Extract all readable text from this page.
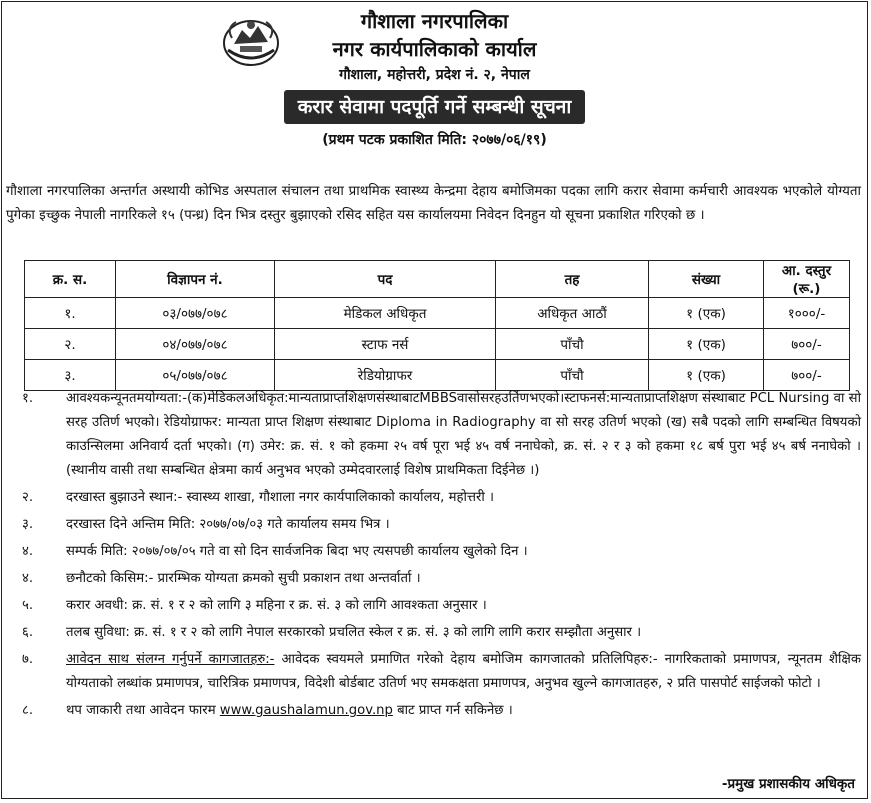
गौशाला नगरपालिका
नगर कार्यपालिकाको कार्याल
गौशाला, महोत्तरी, प्रदेश नं. २, नेपाल
करार सेवामा पदपूर्ति गर्ने सम्बन्धी सूचना
(प्रथम पटक प्रकाशित मिति: २०७७/०६/१९)
गौशाला नगरपालिका अन्तर्गत अस्थायी कोभिड अस्पताल संचालन तथा प्राथमिक स्वास्थ्य केन्द्रमा देहाय बमोजिमका पदका लागि करार सेवामा कर्मचारी आवश्यक भएकोले योग्यता पुगेका इच्छुक नेपाली नागरिकले १५ (पन्ध्र) दिन भित्र दस्तुर बुझाएको रसिद सहित यस कार्यालयमा निवेदन दिनहुन यो सूचना प्रकाशित गरिएको छ ।
क्र. स.	विज्ञापन नं.	पद	तह	संख्या	आ. दस्तुर (रू.)
१.	०३/०७७/०७८	मेडिकल अधिकृत	अधिकृत आठौं	१ (एक)	१०००/-
२.	०४/०७७/०७८	स्टाफ नर्स	पाँचौ	१ (एक)	७००/-
३.	०५/०७७/०७८	रेडियोग्राफर	पाँचौ	१ (एक)	७००/-
१.	आवश्यकन्यूनतमयोग्यता:-(क)मेडिकलअधिकृत:मान्यताप्राप्तशिक्षणसंस्थाबाटMBBSवासोसरहउर्तिणभएको।स्टाफनर्स:मान्यताप्राप्तशिक्षण संस्थाबाट PCL Nursing वा सो सरह उतिर्ण भएको। रेडियोग्राफर: मान्यता प्राप्त शिक्षण संस्थाबाट Diploma in Radiography वा सो सरह उतिर्ण भएको (ख) सबै पदको लागि सम्बन्धित विषयको काउन्सिलमा अनिवार्य दर्ता भएको। (ग) उमेर: क्र. सं. १ को हकमा २५ वर्ष पूरा भई ४५ वर्ष ननाघेको, क्र. सं. २ र ३ को हकमा १८ बर्ष पुरा भई ४५ बर्ष ननाघेको । (स्थानीय वासी तथा सम्बन्धित क्षेत्रमा कार्य अनुभव भएको उम्मेदवारलाई विशेष प्राथमिकता दिईनेछ ।)
२.	दरखास्त बुझाउने स्थान:- स्वास्थ्य शाखा, गौशाला नगर कार्यपालिकाको कार्यालय, महोत्तरी ।
३.	दरखास्त दिने अन्तिम मिति: २०७७/०७/०३ गते कार्यालय समय भित्र ।
४.	सम्पर्क मिति: २०७७/०७/०५ गते वा सो दिन सार्वजनिक बिदा भए त्यसपछी कार्यालय खुलेको दिन ।
४.	छनौटको किसिम:- प्रारम्भिक योग्यता क्रमको सुची प्रकाशन तथा अन्तर्वार्ता ।
५.	करार अवधी: क्र. सं. १ र २ को लागि ३ महिना र क्र. सं. ३ को लागि आवश्कता अनुसार ।
६.	तलब सुविधा: क्र. सं. १ र २ को लागि नेपाल सरकारको प्रचलित स्केल र क्र. सं. ३ को लागि लागि करार सम्झौता अनुसार ।
७.	आवेदन साथ संलग्न गर्नुपर्ने कागजातहरु:- आवेदक स्वयमले प्रमाणित गरेको देहाय बमोजिम कागजातको प्रतिलिपिहरु:- नागरिकताको प्रमाणपत्र, न्यूनतम शैक्षिक योग्यताको लब्धांक प्रमाणपत्र, चारित्रिक प्रमाणपत्र, विदेशी बोर्डबाट उतिर्ण भए समकक्षता प्रमाणपत्र, अनुभव खुल्ने कागजातहरु, २ प्रति पासपोर्ट साईजको फोटो ।
८.	थप जाकारी तथा आवेदन फारम www.gaushalamun.gov.np बाट प्राप्त गर्न सकिनेछ ।
-प्रमुख प्रशासकीय अधिकृत
